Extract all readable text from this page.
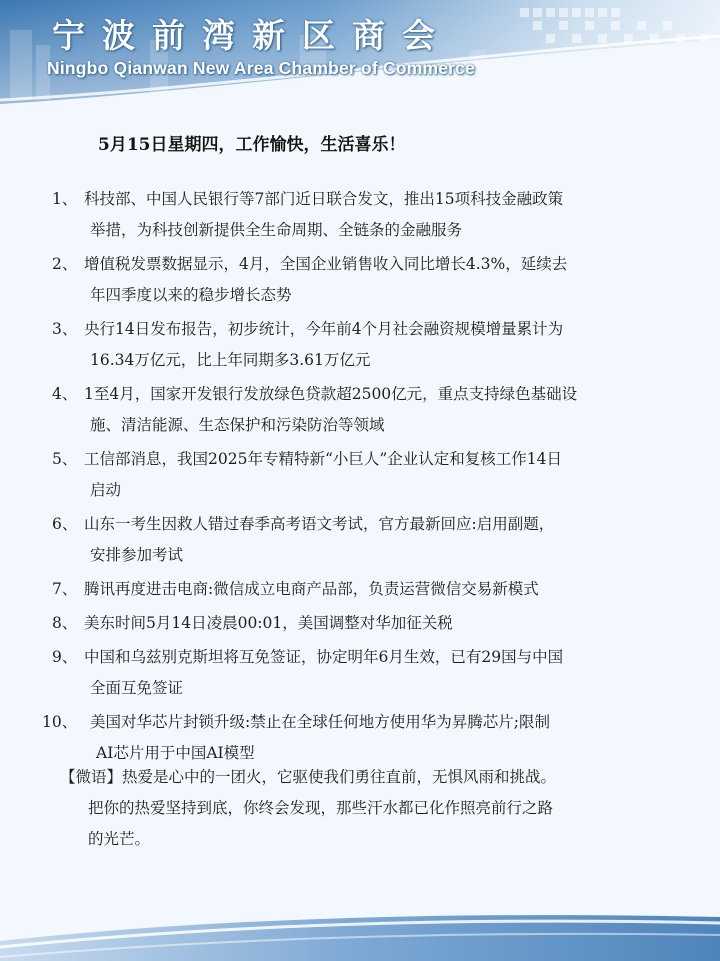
宁波前湾新区商会
Ningbo Qianwan New Area Chamber of Commerce
5月15日星期四，工作愉快，生活喜乐！
1、 科技部、中国人民银行等7部门近日联合发文，推出15项科技金融政策
举措，为科技创新提供全生命周期、全链条的金融服务
2、 增值税发票数据显示，4月，全国企业销售收入同比增长4.3%，延续去
年四季度以来的稳步增长态势
3、 央行14日发布报告，初步统计，今年前4个月社会融资规模增量累计为
16.34万亿元，比上年同期多3.61万亿元
4、 1至4月，国家开发银行发放绿色贷款超2500亿元，重点支持绿色基础设
施、清洁能源、生态保护和污染防治等领域
5、 工信部消息，我国2025年专精特新“小巨人”企业认定和复核工作14日
启动
6、 山东一考生因救人错过春季高考语文考试，官方最新回应:启用副题，
安排参加考试
7、 腾讯再度进击电商:微信成立电商产品部，负责运营微信交易新模式
8、 美东时间5月14日凌晨00:01，美国调整对华加征关税
9、 中国和乌兹别克斯坦将互免签证，协定明年6月生效，已有29国与中国
全面互免签证
10、 美国对华芯片封锁升级:禁止在全球任何地方使用华为昇腾芯片;限制
AI芯片用于中国AI模型
【微语】热爱是心中的一团火，它驱使我们勇往直前，无惧风雨和挑战。
把你的热爱坚持到底，你终会发现，那些汗水都已化作照亮前行之路
的光芒。
